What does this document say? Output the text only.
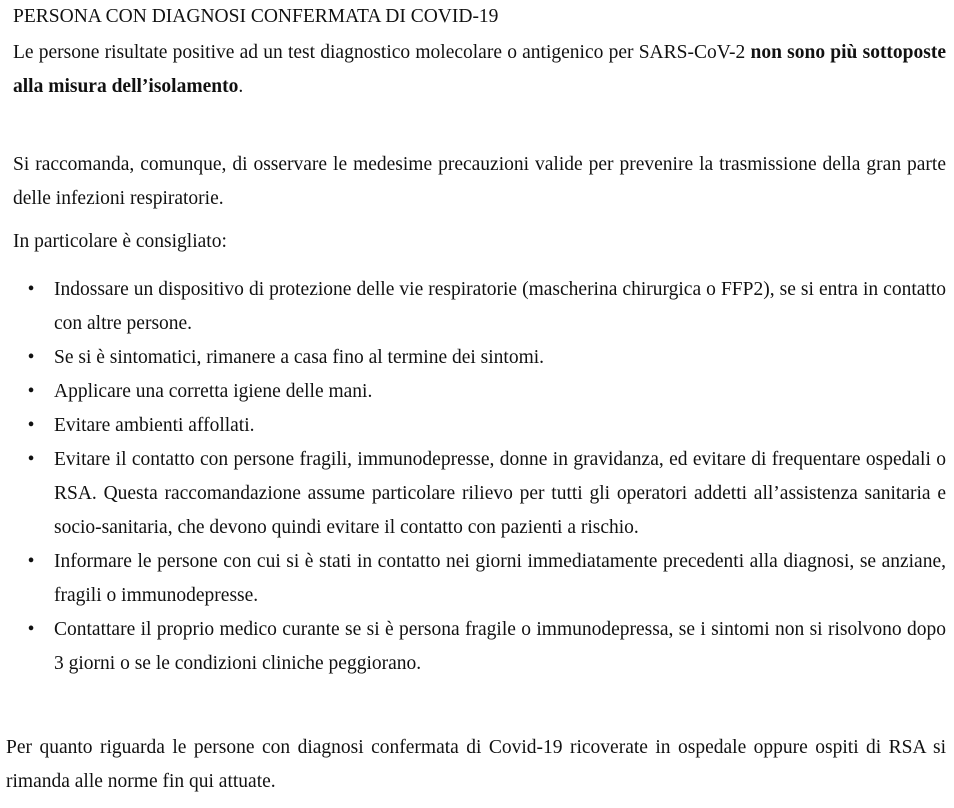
PERSONA CON DIAGNOSI CONFERMATA DI COVID-19
Le persone risultate positive ad un test diagnostico molecolare o antigenico per SARS-CoV-2 non sono più sottoposte alla misura dell’isolamento.
Si raccomanda, comunque, di osservare le medesime precauzioni valide per prevenire la trasmissione della gran parte delle infezioni respiratorie.
In particolare è consigliato:
• Indossare un dispositivo di protezione delle vie respiratorie (mascherina chirurgica o FFP2), se si entra in contatto con altre persone.
• Se si è sintomatici, rimanere a casa fino al termine dei sintomi.
• Applicare una corretta igiene delle mani.
• Evitare ambienti affollati.
• Evitare il contatto con persone fragili, immunodepresse, donne in gravidanza, ed evitare di frequentare ospedali o RSA. Questa raccomandazione assume particolare rilievo per tutti gli operatori addetti all’assistenza sanitaria e socio-sanitaria, che devono quindi evitare il contatto con pazienti a rischio.
• Informare le persone con cui si è stati in contatto nei giorni immediatamente precedenti alla diagnosi, se anziane, fragili o immunodepresse.
• Contattare il proprio medico curante se si è persona fragile o immunodepressa, se i sintomi non si risolvono dopo 3 giorni o se le condizioni cliniche peggiorano.
Per quanto riguarda le persone con diagnosi confermata di Covid-19 ricoverate in ospedale oppure ospiti di RSA si rimanda alle norme fin qui attuate.
